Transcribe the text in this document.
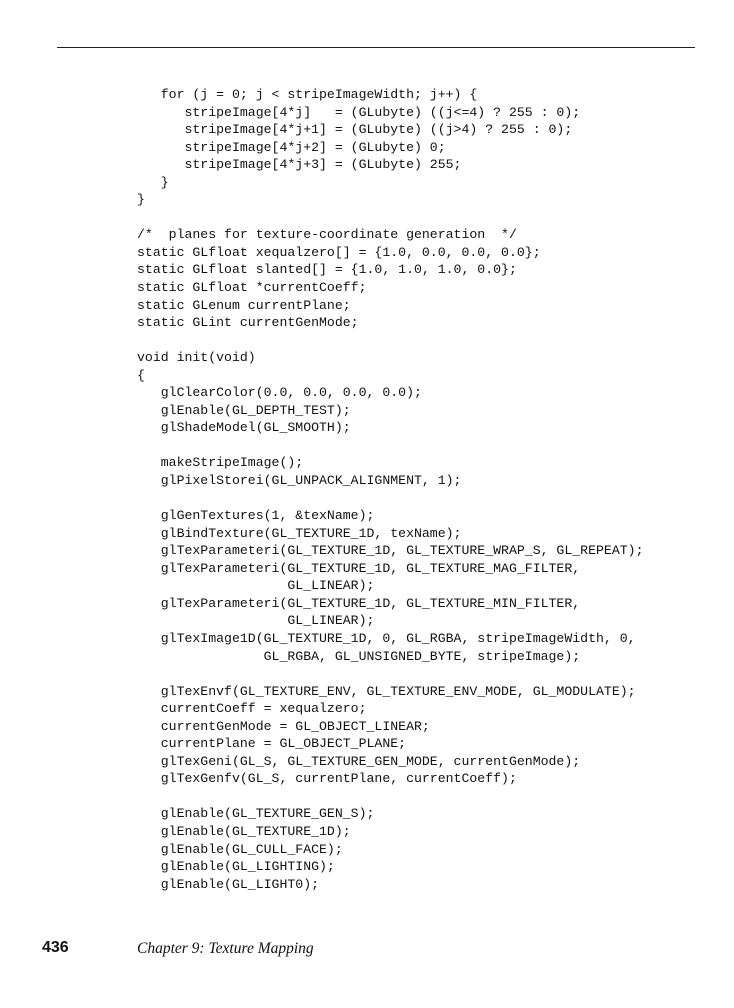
for (j = 0; j < stripeImageWidth; j++) {
stripeImage[4*j]   = (GLubyte) ((j<=4) ? 255 : 0);
stripeImage[4*j+1] = (GLubyte) ((j>4) ? 255 : 0);
stripeImage[4*j+2] = (GLubyte) 0;
stripeImage[4*j+3] = (GLubyte) 255;
}
}
/*  planes for texture-coordinate generation  */
static GLfloat xequalzero[] = {1.0, 0.0, 0.0, 0.0};
static GLfloat slanted[] = {1.0, 1.0, 1.0, 0.0};
static GLfloat *currentCoeff;
static GLenum currentPlane;
static GLint currentGenMode;
void init(void)
{
glClearColor(0.0, 0.0, 0.0, 0.0);
glEnable(GL_DEPTH_TEST);
glShadeModel(GL_SMOOTH);
makeStripeImage();
glPixelStorei(GL_UNPACK_ALIGNMENT, 1);
glGenTextures(1, &texName);
glBindTexture(GL_TEXTURE_1D, texName);
glTexParameteri(GL_TEXTURE_1D, GL_TEXTURE_WRAP_S, GL_REPEAT);
glTexParameteri(GL_TEXTURE_1D, GL_TEXTURE_MAG_FILTER,
GL_LINEAR);
glTexParameteri(GL_TEXTURE_1D, GL_TEXTURE_MIN_FILTER,
GL_LINEAR);
glTexImage1D(GL_TEXTURE_1D, 0, GL_RGBA, stripeImageWidth, 0,
GL_RGBA, GL_UNSIGNED_BYTE, stripeImage);
glTexEnvf(GL_TEXTURE_ENV, GL_TEXTURE_ENV_MODE, GL_MODULATE);
currentCoeff = xequalzero;
currentGenMode = GL_OBJECT_LINEAR;
currentPlane = GL_OBJECT_PLANE;
glTexGeni(GL_S, GL_TEXTURE_GEN_MODE, currentGenMode);
glTexGenfv(GL_S, currentPlane, currentCoeff);
glEnable(GL_TEXTURE_GEN_S);
glEnable(GL_TEXTURE_1D);
glEnable(GL_CULL_FACE);
glEnable(GL_LIGHTING);
glEnable(GL_LIGHT0);
436	Chapter 9: Texture Mapping
